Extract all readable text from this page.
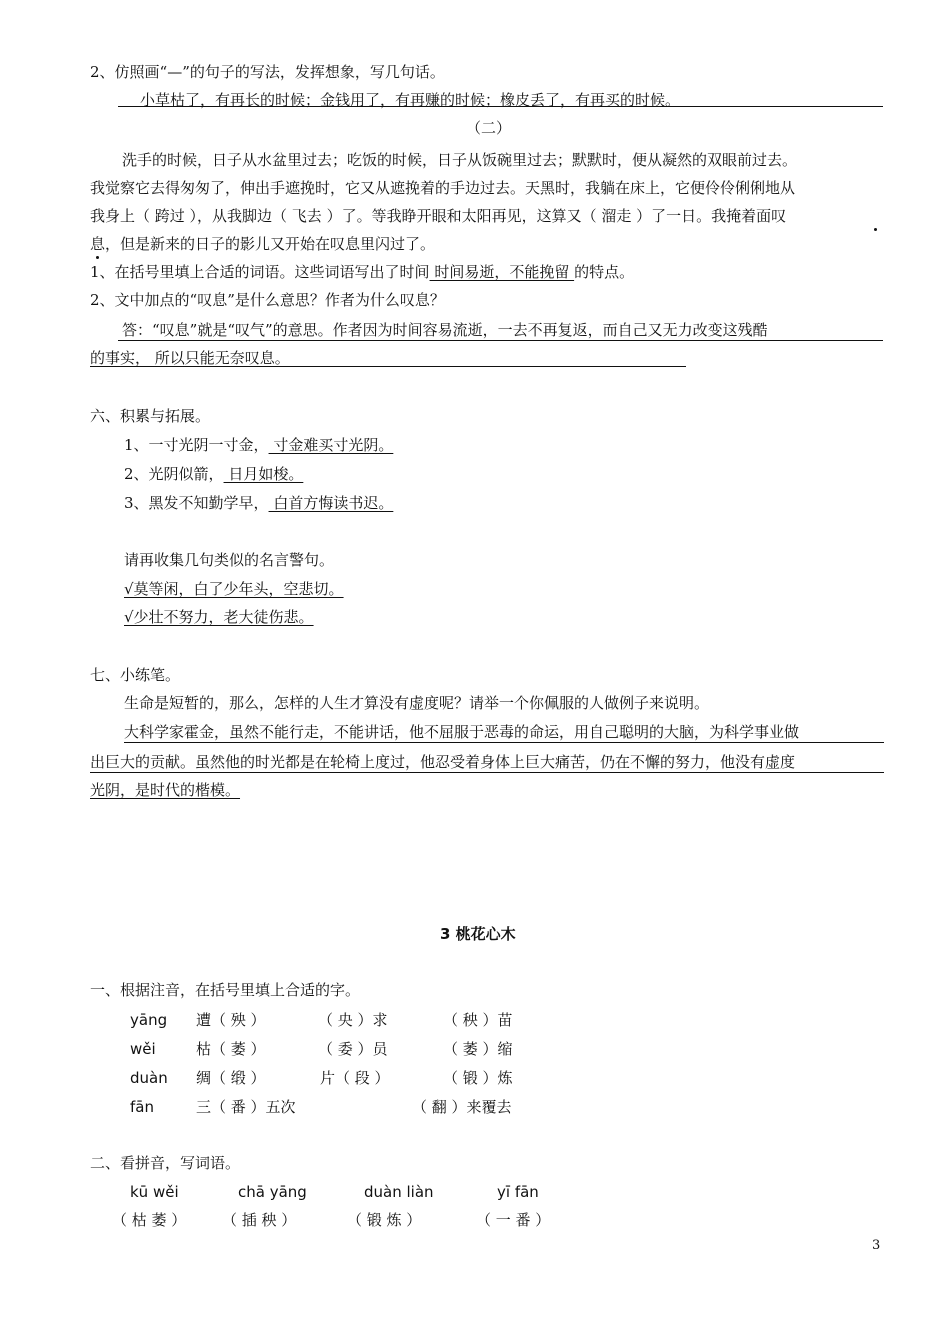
2、仿照画“—”的句子的写法，发挥想象，写几句话。
小草枯了，有再长的时候；金钱用了，有再赚的时候；橡皮丢了，有再买的时候。
（二）
洗手的时候，日子从水盆里过去；吃饭的时候，日子从饭碗里过去；默默时，便从凝然的双眼前过去。
我觉察它去得匆匆了，伸出手遮挽时，它又从遮挽着的手边过去。天黑时，我躺在床上，它便伶伶俐俐地从
我身上（ 跨过 ），从我脚边（ 飞去 ）了。等我睁开眼和太阳再见，这算又（ 溜走 ）了一日。我掩着面叹
息，但是新来的日子的影儿又开始在叹息里闪过了。
1、在括号里填上合适的词语。这些词语写出了时间 时间易逝，不能挽留 的特点。
2、文中加点的“叹息”是什么意思？作者为什么叹息？
答：“叹息”就是“叹气”的意思。作者因为时间容易流逝，一去不再复返，而自己又无力改变这残酷
的事实， 所以只能无奈叹息。
六、积累与拓展。
1、一寸光阴一寸金， 寸金难买寸光阴。
2、光阴似箭， 日月如梭。
3、黑发不知勤学早， 白首方悔读书迟。
请再收集几句类似的名言警句。
√莫等闲，白了少年头，空悲切。
√少壮不努力，老大徒伤悲。
七、小练笔。
生命是短暂的，那么，怎样的人生才算没有虚度呢？请举一个你佩服的人做例子来说明。
大科学家霍金，虽然不能行走，不能讲话，他不屈服于恶毒的命运，用自己聪明的大脑，为科学事业做
出巨大的贡献。虽然他的时光都是在轮椅上度过，他忍受着身体上巨大痛苦，仍在不懈的努力，他没有虚度
光阴，是时代的楷模。
3 桃花心木
一、根据注音，在括号里填上合适的字。
yāng 遭（ 殃 ）	（ 央 ）求	（ 秧 ）苗
wěi	枯（ 萎 ）	（ 委 ）员	（ 萎 ）缩
duàn 绸（ 缎 ）	片（ 段 ）	（ 锻 ）炼
fān	三（ 番 ）五次	（ 翻 ）来覆去
二、看拼音，写词语。
kū wěi	chā yāng	duàn liàn	yī fān
（ 枯 萎 ） （ 插 秧 ）	（ 锻 炼 ）	（ 一 番 ）
3
